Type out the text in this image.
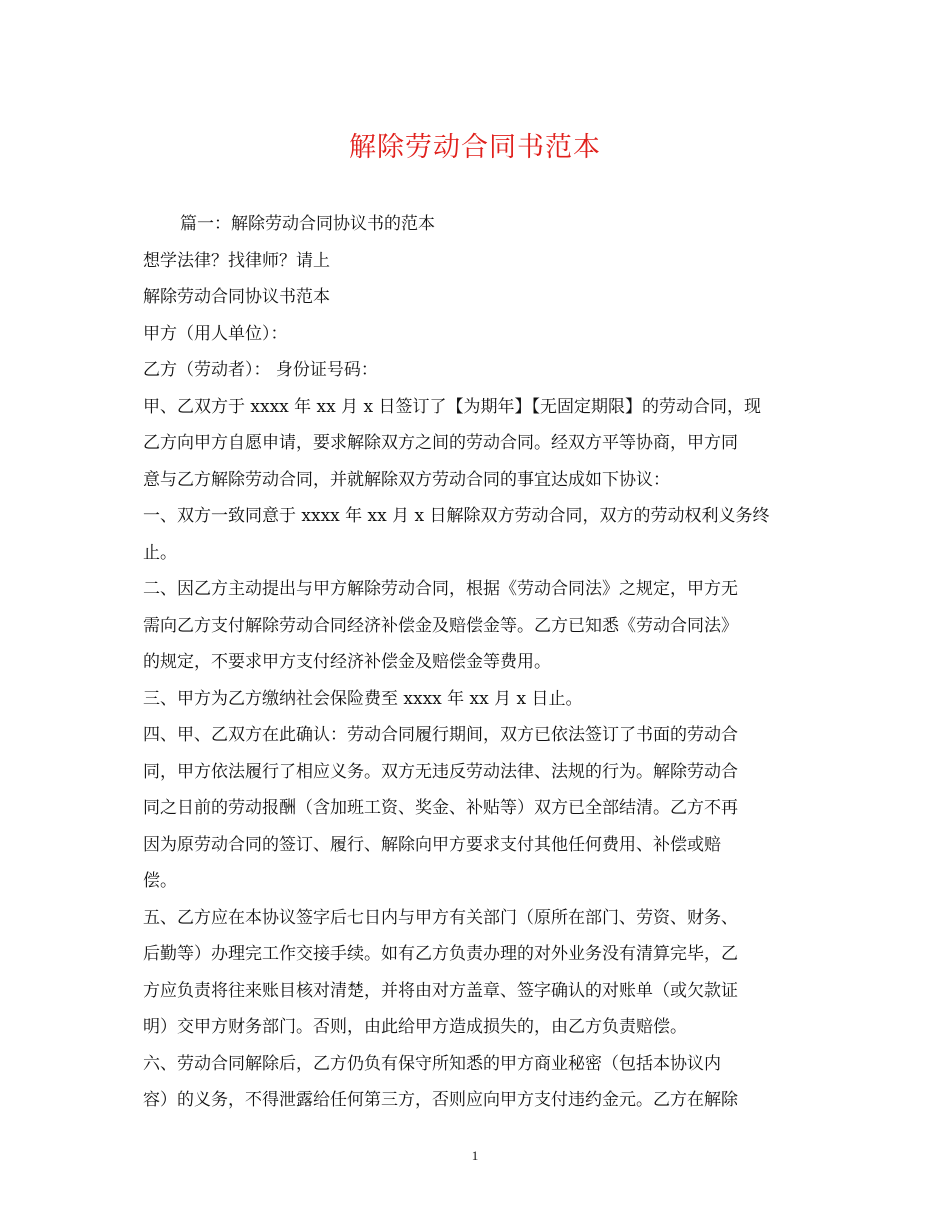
解除劳动合同书范本
篇一：解除劳动合同协议书的范本
想学法律？找律师？请上
解除劳动合同协议书范本
甲方（用人单位）：
乙方（劳动者）： 身份证号码：
甲、乙双方于 xxxx 年 xx 月 x 日签订了【为期年】【无固定期限】的劳动合同，现
乙方向甲方自愿申请，要求解除双方之间的劳动合同。经双方平等协商，甲方同
意与乙方解除劳动合同，并就解除双方劳动合同的事宜达成如下协议：
一、双方一致同意于 xxxx 年 xx 月 x 日解除双方劳动合同，双方的劳动权利义务终
止。
二、因乙方主动提出与甲方解除劳动合同，根据《劳动合同法》之规定，甲方无
需向乙方支付解除劳动合同经济补偿金及赔偿金等。乙方已知悉《劳动合同法》
的规定，不要求甲方支付经济补偿金及赔偿金等费用。
三、甲方为乙方缴纳社会保险费至 xxxx 年 xx 月 x 日止。
四、甲、乙双方在此确认：劳动合同履行期间，双方已依法签订了书面的劳动合
同，甲方依法履行了相应义务。双方无违反劳动法律、法规的行为。解除劳动合
同之日前的劳动报酬（含加班工资、奖金、补贴等）双方已全部结清。乙方不再
因为原劳动合同的签订、履行、解除向甲方要求支付其他任何费用、补偿或赔
偿。
五、乙方应在本协议签字后七日内与甲方有关部门（原所在部门、劳资、财务、
后勤等）办理完工作交接手续。如有乙方负责办理的对外业务没有清算完毕，乙
方应负责将往来账目核对清楚，并将由对方盖章、签字确认的对账单（或欠款证
明）交甲方财务部门。否则，由此给甲方造成损失的，由乙方负责赔偿。
六、劳动合同解除后，乙方仍负有保守所知悉的甲方商业秘密（包括本协议内
容）的义务，不得泄露给任何第三方，否则应向甲方支付违约金元。乙方在解除
1
